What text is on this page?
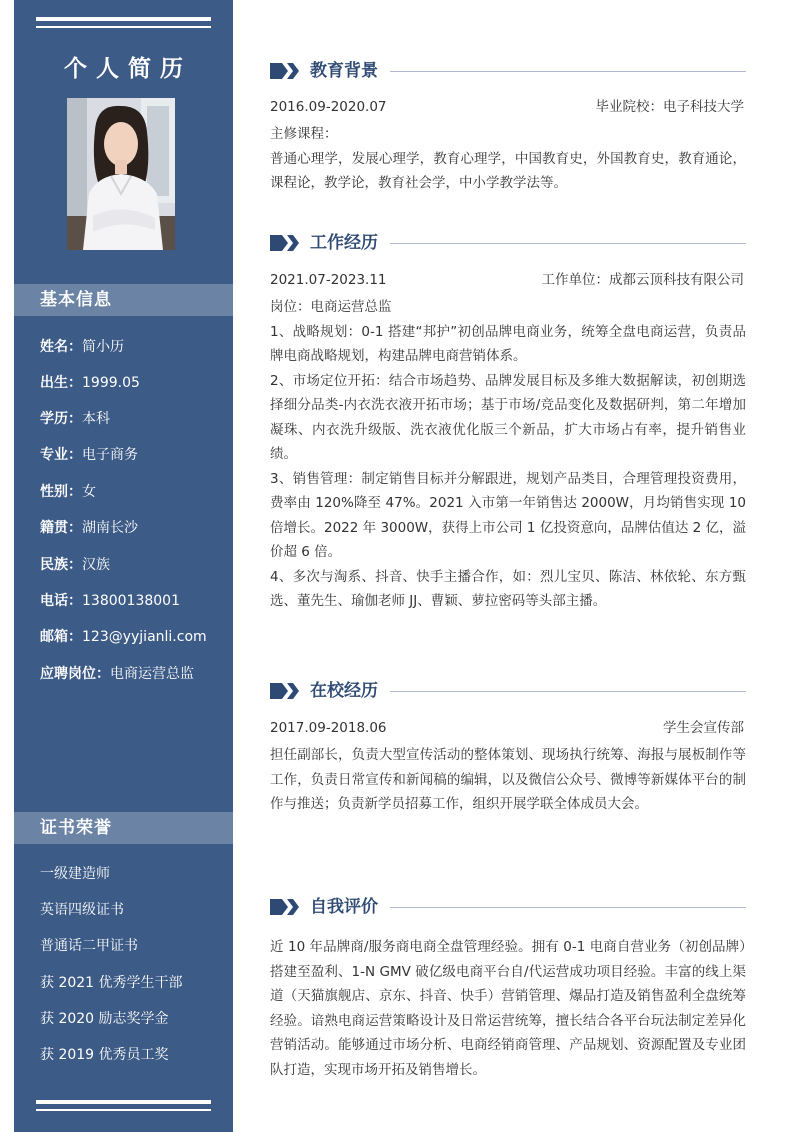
个人简历
基本信息
姓名：简小历
出生：1999.05
学历：本科
专业：电子商务
性别：女
籍贯：湖南长沙
民族：汉族
电话：13800138001
邮箱：123@yyjianli.com
应聘岗位：电商运营总监
证书荣誉
一级建造师
英语四级证书
普通话二甲证书
获 2021 优秀学生干部
获 2020 励志奖学金
获 2019 优秀员工奖
教育背景
2016.09-2020.07	毕业院校：电子科技大学

主修课程：

普通心理学，发展心理学，教育心理学，中国教育史，外国教育史，教育通论，课程论，教学论，教育社会学，中小学教学法等。

工作经历
2021.07-2023.11	工作单位：成都云顶科技有限公司

岗位：电商运营总监

1、战略规划：0-1 搭建“邦护”初创品牌电商业务，统筹全盘电商运营，负责品牌电商战略规划，构建品牌电商营销体系。

2、市场定位开拓：结合市场趋势、品牌发展目标及多维大数据解读，初创期选择细分品类-内衣洗衣液开拓市场；基于市场/竞品变化及数据研判，第二年增加凝珠、内衣洗升级版、洗衣液优化版三个新品，扩大市场占有率，提升销售业绩。

3、销售管理：制定销售目标并分解跟进，规划产品类目，合理管理投资费用，费率由 120%降至 47%。2021 入市第一年销售达 2000W，月均销售实现 10 倍增长。2022 年 3000W，获得上市公司 1 亿投资意向，品牌估值达 2 亿，溢价超 6 倍。

4、多次与淘系、抖音、快手主播合作，如：烈儿宝贝、陈洁、林依轮、东方甄选、董先生、瑜伽老师 JJ、曹颖、萝拉密码等头部主播。

在校经历
2017.09-2018.06	学生会宣传部
担任副部长，负责大型宣传活动的整体策划、现场执行统筹、海报与展板制作等工作，负责日常宣传和新闻稿的编辑，以及微信公众号、微博等新媒体平台的制作与推送；负责新学员招募工作，组织开展学联全体成员大会。
自我评价
近 10 年品牌商/服务商电商全盘管理经验。拥有 0-1 电商自营业务（初创品牌）搭建至盈利、1-N GMV 破亿级电商平台自/代运营成功项目经验。丰富的线上渠道（天猫旗舰店、京东、抖音、快手）营销管理、爆品打造及销售盈利全盘统筹经验。谙熟电商运营策略设计及日常运营统筹，擅长结合各平台玩法制定差异化营销活动。能够通过市场分析、电商经销商管理、产品规划、资源配置及专业团队打造，实现市场开拓及销售增长。
